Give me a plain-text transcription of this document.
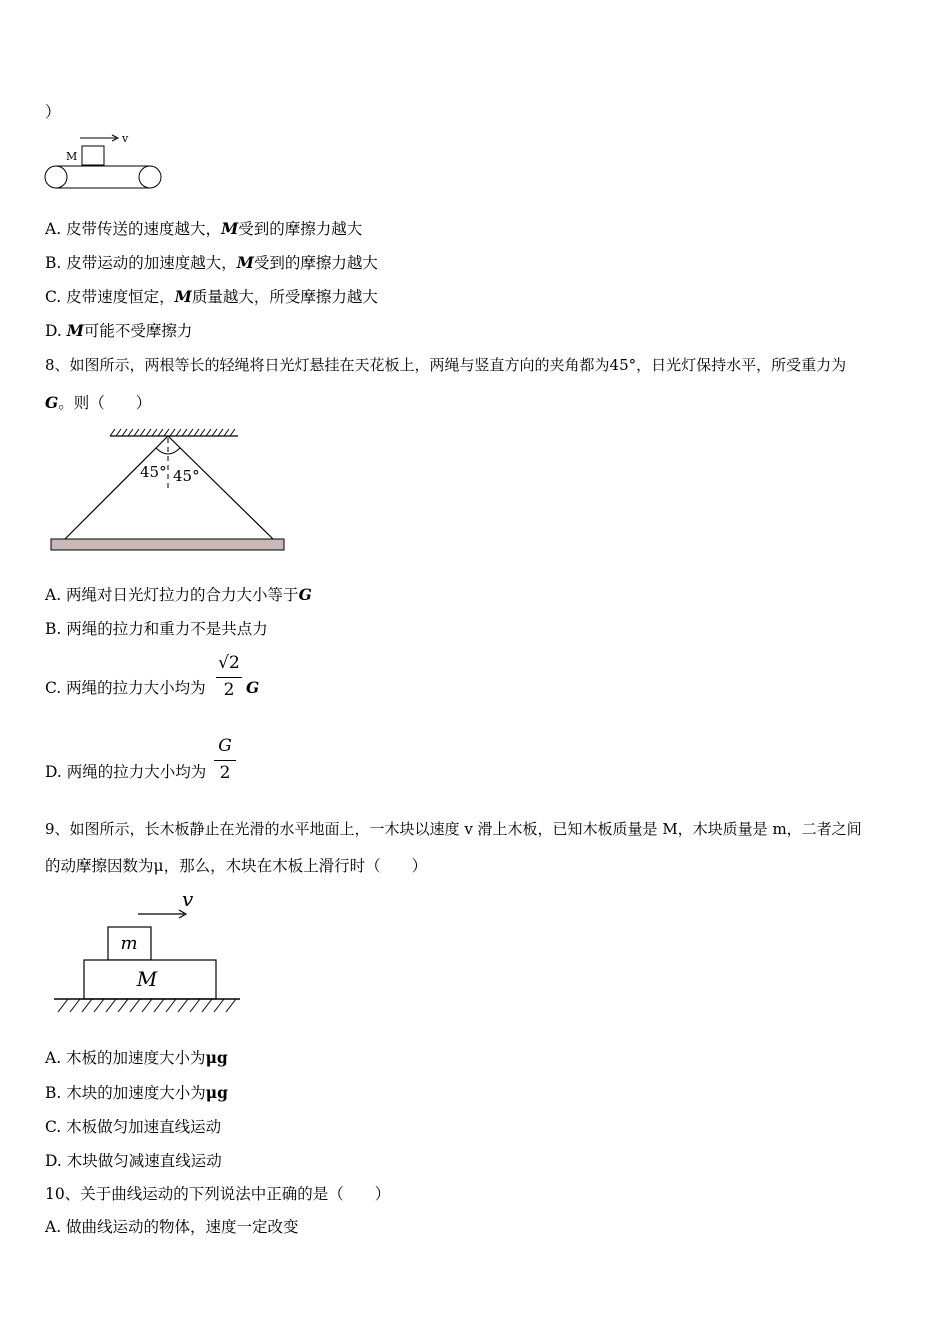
）
v
M
A. 皮带传送的速度越大，M受到的摩擦力越大
B. 皮带运动的加速度越大，M受到的摩擦力越大
C. 皮带速度恒定，M质量越大，所受摩擦力越大
D. M可能不受摩擦力
8、如图所示，两根等长的轻绳将日光灯悬挂在天花板上，两绳与竖直方向的夹角都为45°，日光灯保持水平，所受重力为
G。则（　　）
45° 45°
A. 两绳对日光灯拉力的合力大小等于G
B. 两绳的拉力和重力不是共点力
C. 两绳的拉力大小均为
√2
2 G
D. 两绳的拉力大小均为
G
2
9、如图所示，长木板静止在光滑的水平地面上，一木块以速度 v 滑上木板，已知木板质量是 M，木块质量是 m，二者之间
的动摩擦因数为μ，那么，木块在木板上滑行时（　　）
v
m
M
A. 木板的加速度大小为μg
B. 木块的加速度大小为μg
C. 木板做匀加速直线运动
D. 木块做匀减速直线运动
10、关于曲线运动的下列说法中正确的是（　　）
A. 做曲线运动的物体，速度一定改变
